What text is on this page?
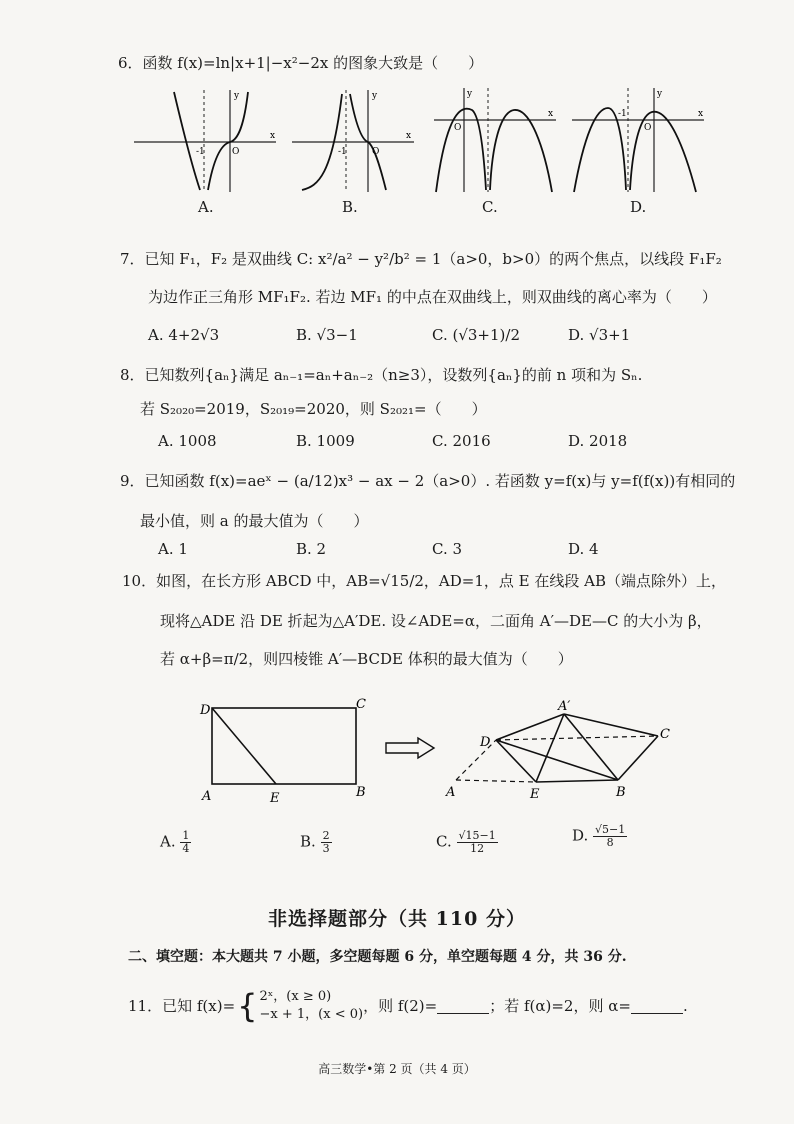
6．函数 f(x)=ln|x+1|−x²−2x 的图象大致是（　　）
-1	O
y
x
A.
-1	O
y
x
B.
O
y
x
C.
-1
O
y
x
D.
7．已知 F₁，F₂ 是双曲线 C: x²/a² − y²/b² = 1（a>0，b>0）的两个焦点，以线段 F₁F₂
为边作正三角形 MF₁F₂. 若边 MF₁ 的中点在双曲线上，则双曲线的离心率为（　　）
A. 4+2√3	B. √3−1	C. (√3+1)/2	D. √3+1
8．已知数列{aₙ}满足 aₙ₋₁=aₙ+aₙ₋₂（n≥3），设数列{aₙ}的前 n 项和为 Sₙ.
若 S₂₀₂₀=2019，S₂₀₁₉=2020，则 S₂₀₂₁=（　　）
A. 1008	B. 1009	C. 2016	D. 2018
9．已知函数 f(x)=aeˣ − (a/12)x³ − ax − 2（a>0）. 若函数 y=f(x)与 y=f(f(x))有相同的
最小值，则 a 的最大值为（　　）
A. 1	B. 2	C. 3	D. 4
10．如图，在长方形 ABCD 中，AB=√15/2，AD=1，点 E 在线段 AB（端点除外）上，
现将△ADE 沿 DE 折起为△A′DE. 设∠ADE=α，二面角 A′—DE—C 的大小为 β，
若 α+β=π/2，则四棱锥 A′—BCDE 体积的最大值为（　　）
D	C
A	E	B
D
A′
C
A	E	B
A. $\frac{1}{4}$	B. $\frac{2}{3}$	C. $\frac{√15-1}{12}$	D. $\frac{√5-1}{8}$
非选择题部分（共 110 分）
二、填空题：本大题共 7 小题，多空题每题 6 分，单空题每题 4 分，共 36 分.
11．已知 f(x)= { 2ˣ，(x ≥ 0)
−x + 1，(x < 0) ，则 f(2)=	；若 f(α)=2，则 α=	.
高三数学•第 2 页（共 4 页）
